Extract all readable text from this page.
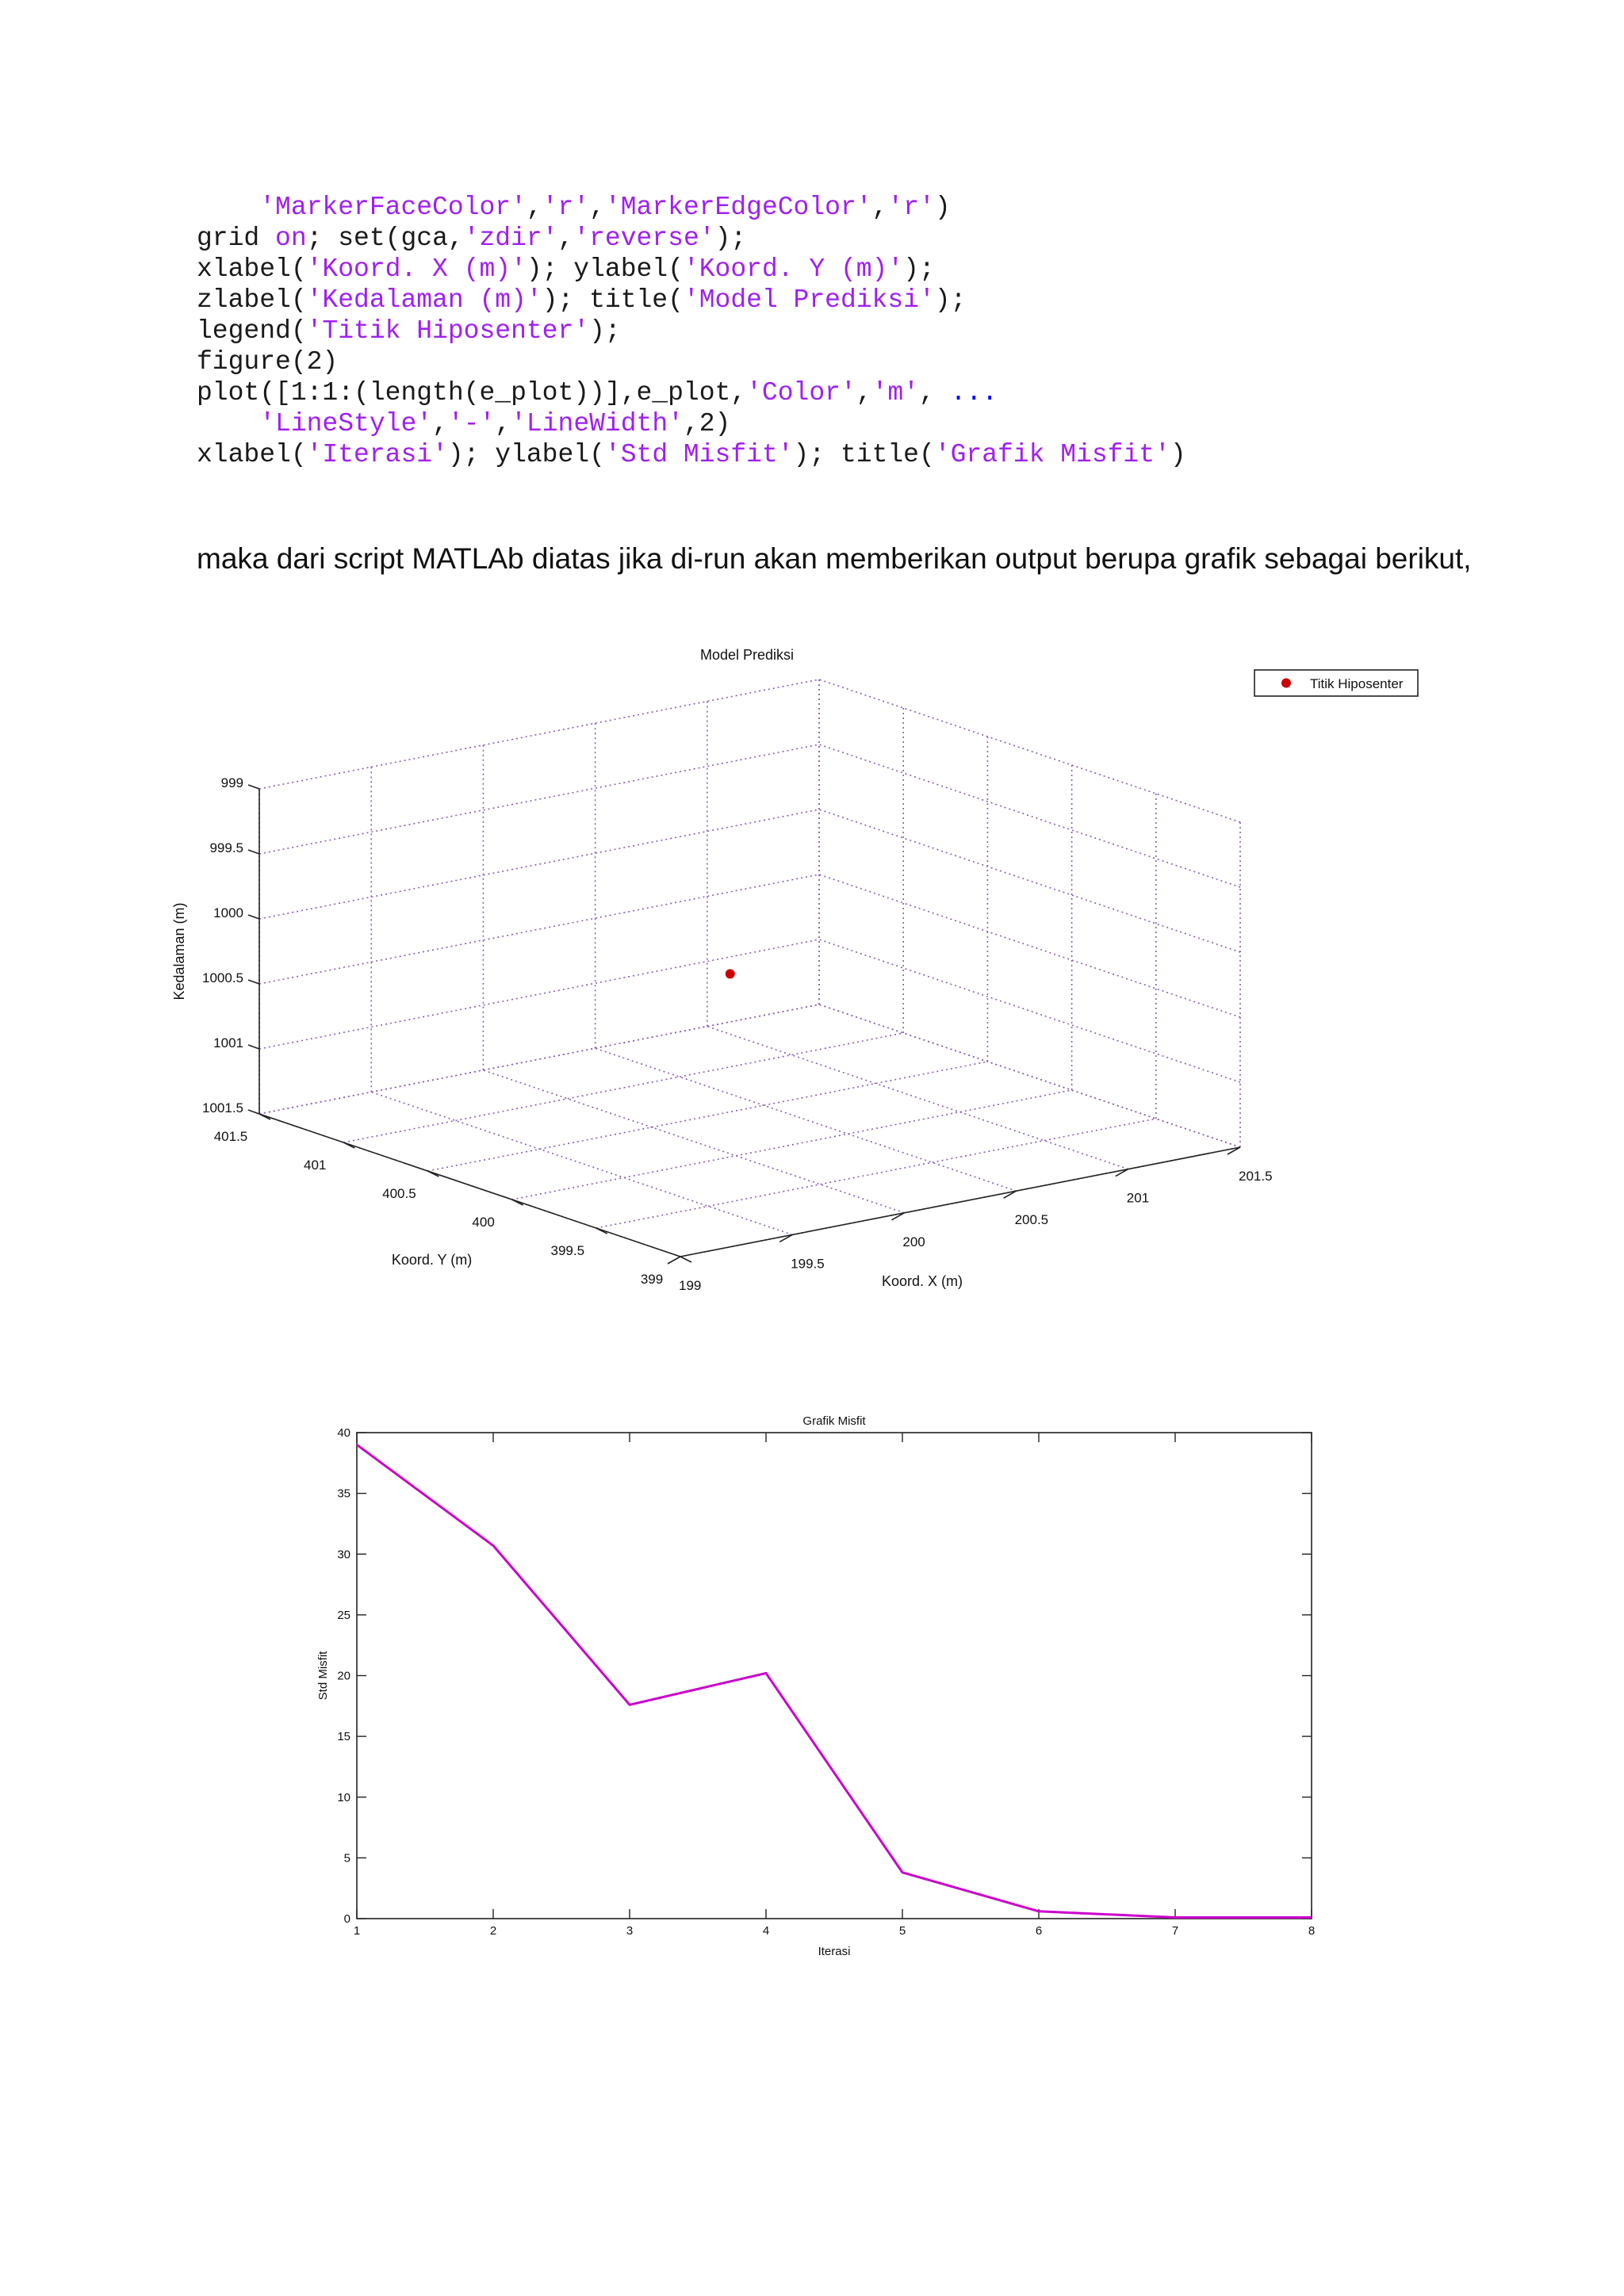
'MarkerFaceColor','r','MarkerEdgeColor','r')
grid on; set(gca,'zdir','reverse');
xlabel('Koord. X (m)'); ylabel('Koord. Y (m)');
zlabel('Kedalaman (m)'); title('Model Prediksi');
legend('Titik Hiposenter');
figure(2)
plot([1:1:(length(e_plot))],e_plot,'Color','m', ...
'LineStyle','-','LineWidth',2)
xlabel('Iterasi'); ylabel('Std Misfit'); title('Grafik Misfit')

maka dari script MATLAb diatas jika di-run akan memberikan output berupa grafik sebagai berikut,

199
399
999
199.5
399.5
999.5
200
400
1000
200.5
400.5
1000.5
201
401
1001
201.5
401.5
1001.5
Koord. X (m)
Koord. Y (m)
Kedalaman (m)
Model Prediksi
Titik Hiposenter
1	2	3	4	5	6	7	8
0
5
10
15
20
25
30
35
40
Grafik Misfit
Iterasi
Std Misfit
